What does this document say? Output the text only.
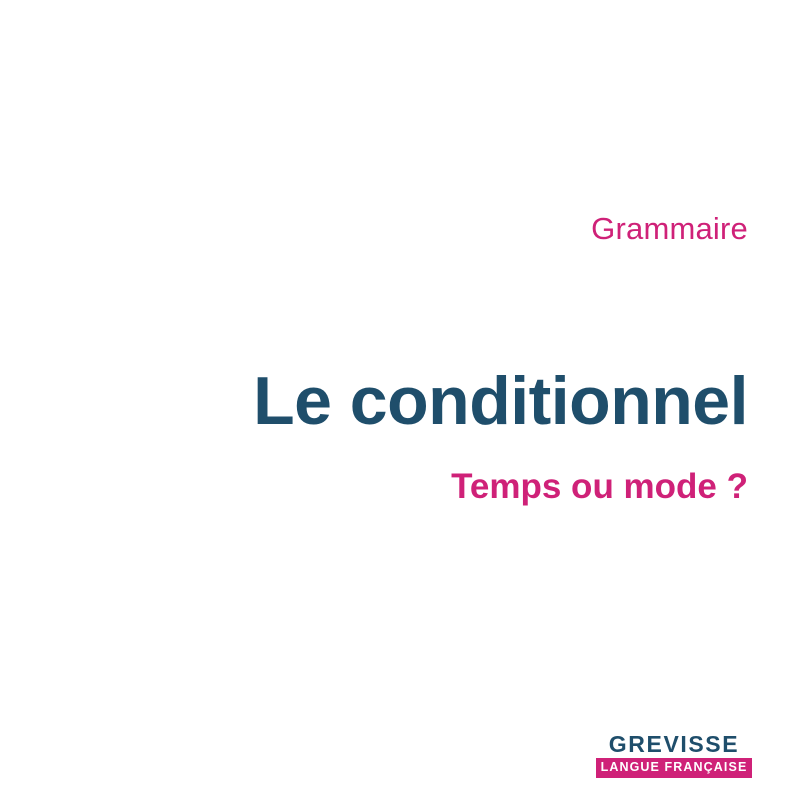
Grammaire
Le conditionnel
Temps ou mode ?
GREVISSE
LANGUE FRANÇAISE
